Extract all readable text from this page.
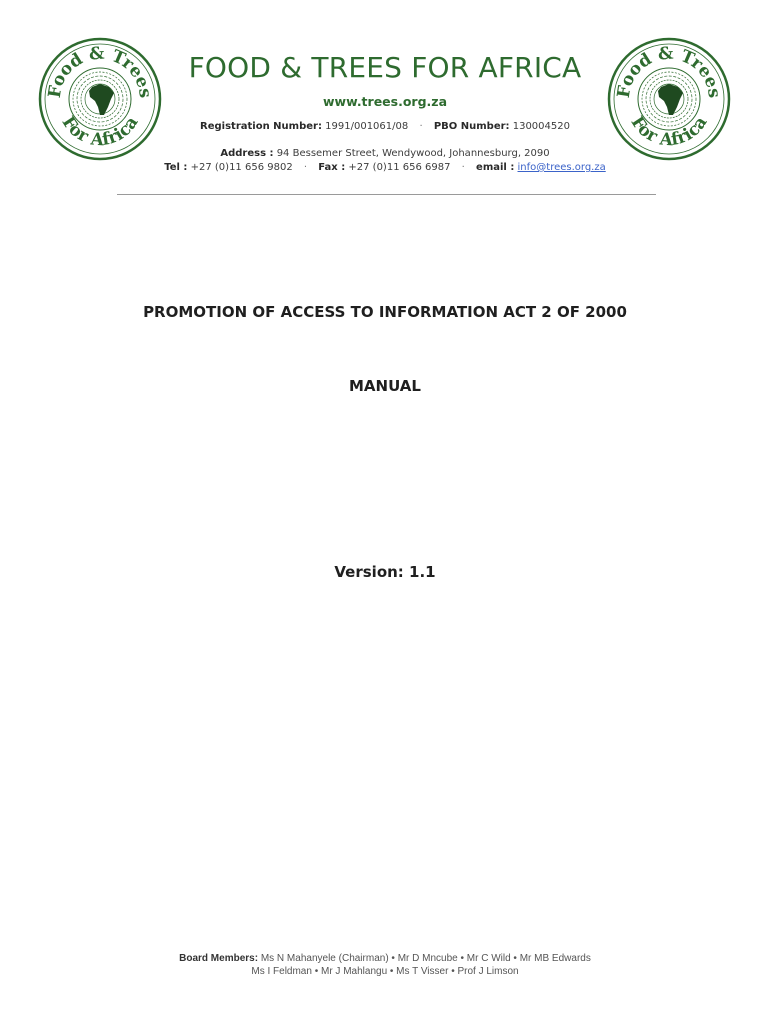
Food & Trees
For Africa
Food & Trees
For Africa
FOOD & TREES FOR AFRICA
www.trees.org.za
Registration Number: 1991/001061/08 · PBO Number: 130004520
Address : 94 Bessemer Street, Wendywood, Johannesburg, 2090
Tel : +27 (0)11 656 9802 · Fax : +27 (0)11 656 6987 · email : info@trees.org.za
PROMOTION OF ACCESS TO INFORMATION ACT 2 OF 2000
MANUAL
Version: 1.1
Board Members: Ms N Mahanyele (Chairman) • Mr D Mncube • Mr C Wild • Mr MB Edwards
Ms I Feldman • Mr J Mahlangu • Ms T Visser • Prof J Limson
